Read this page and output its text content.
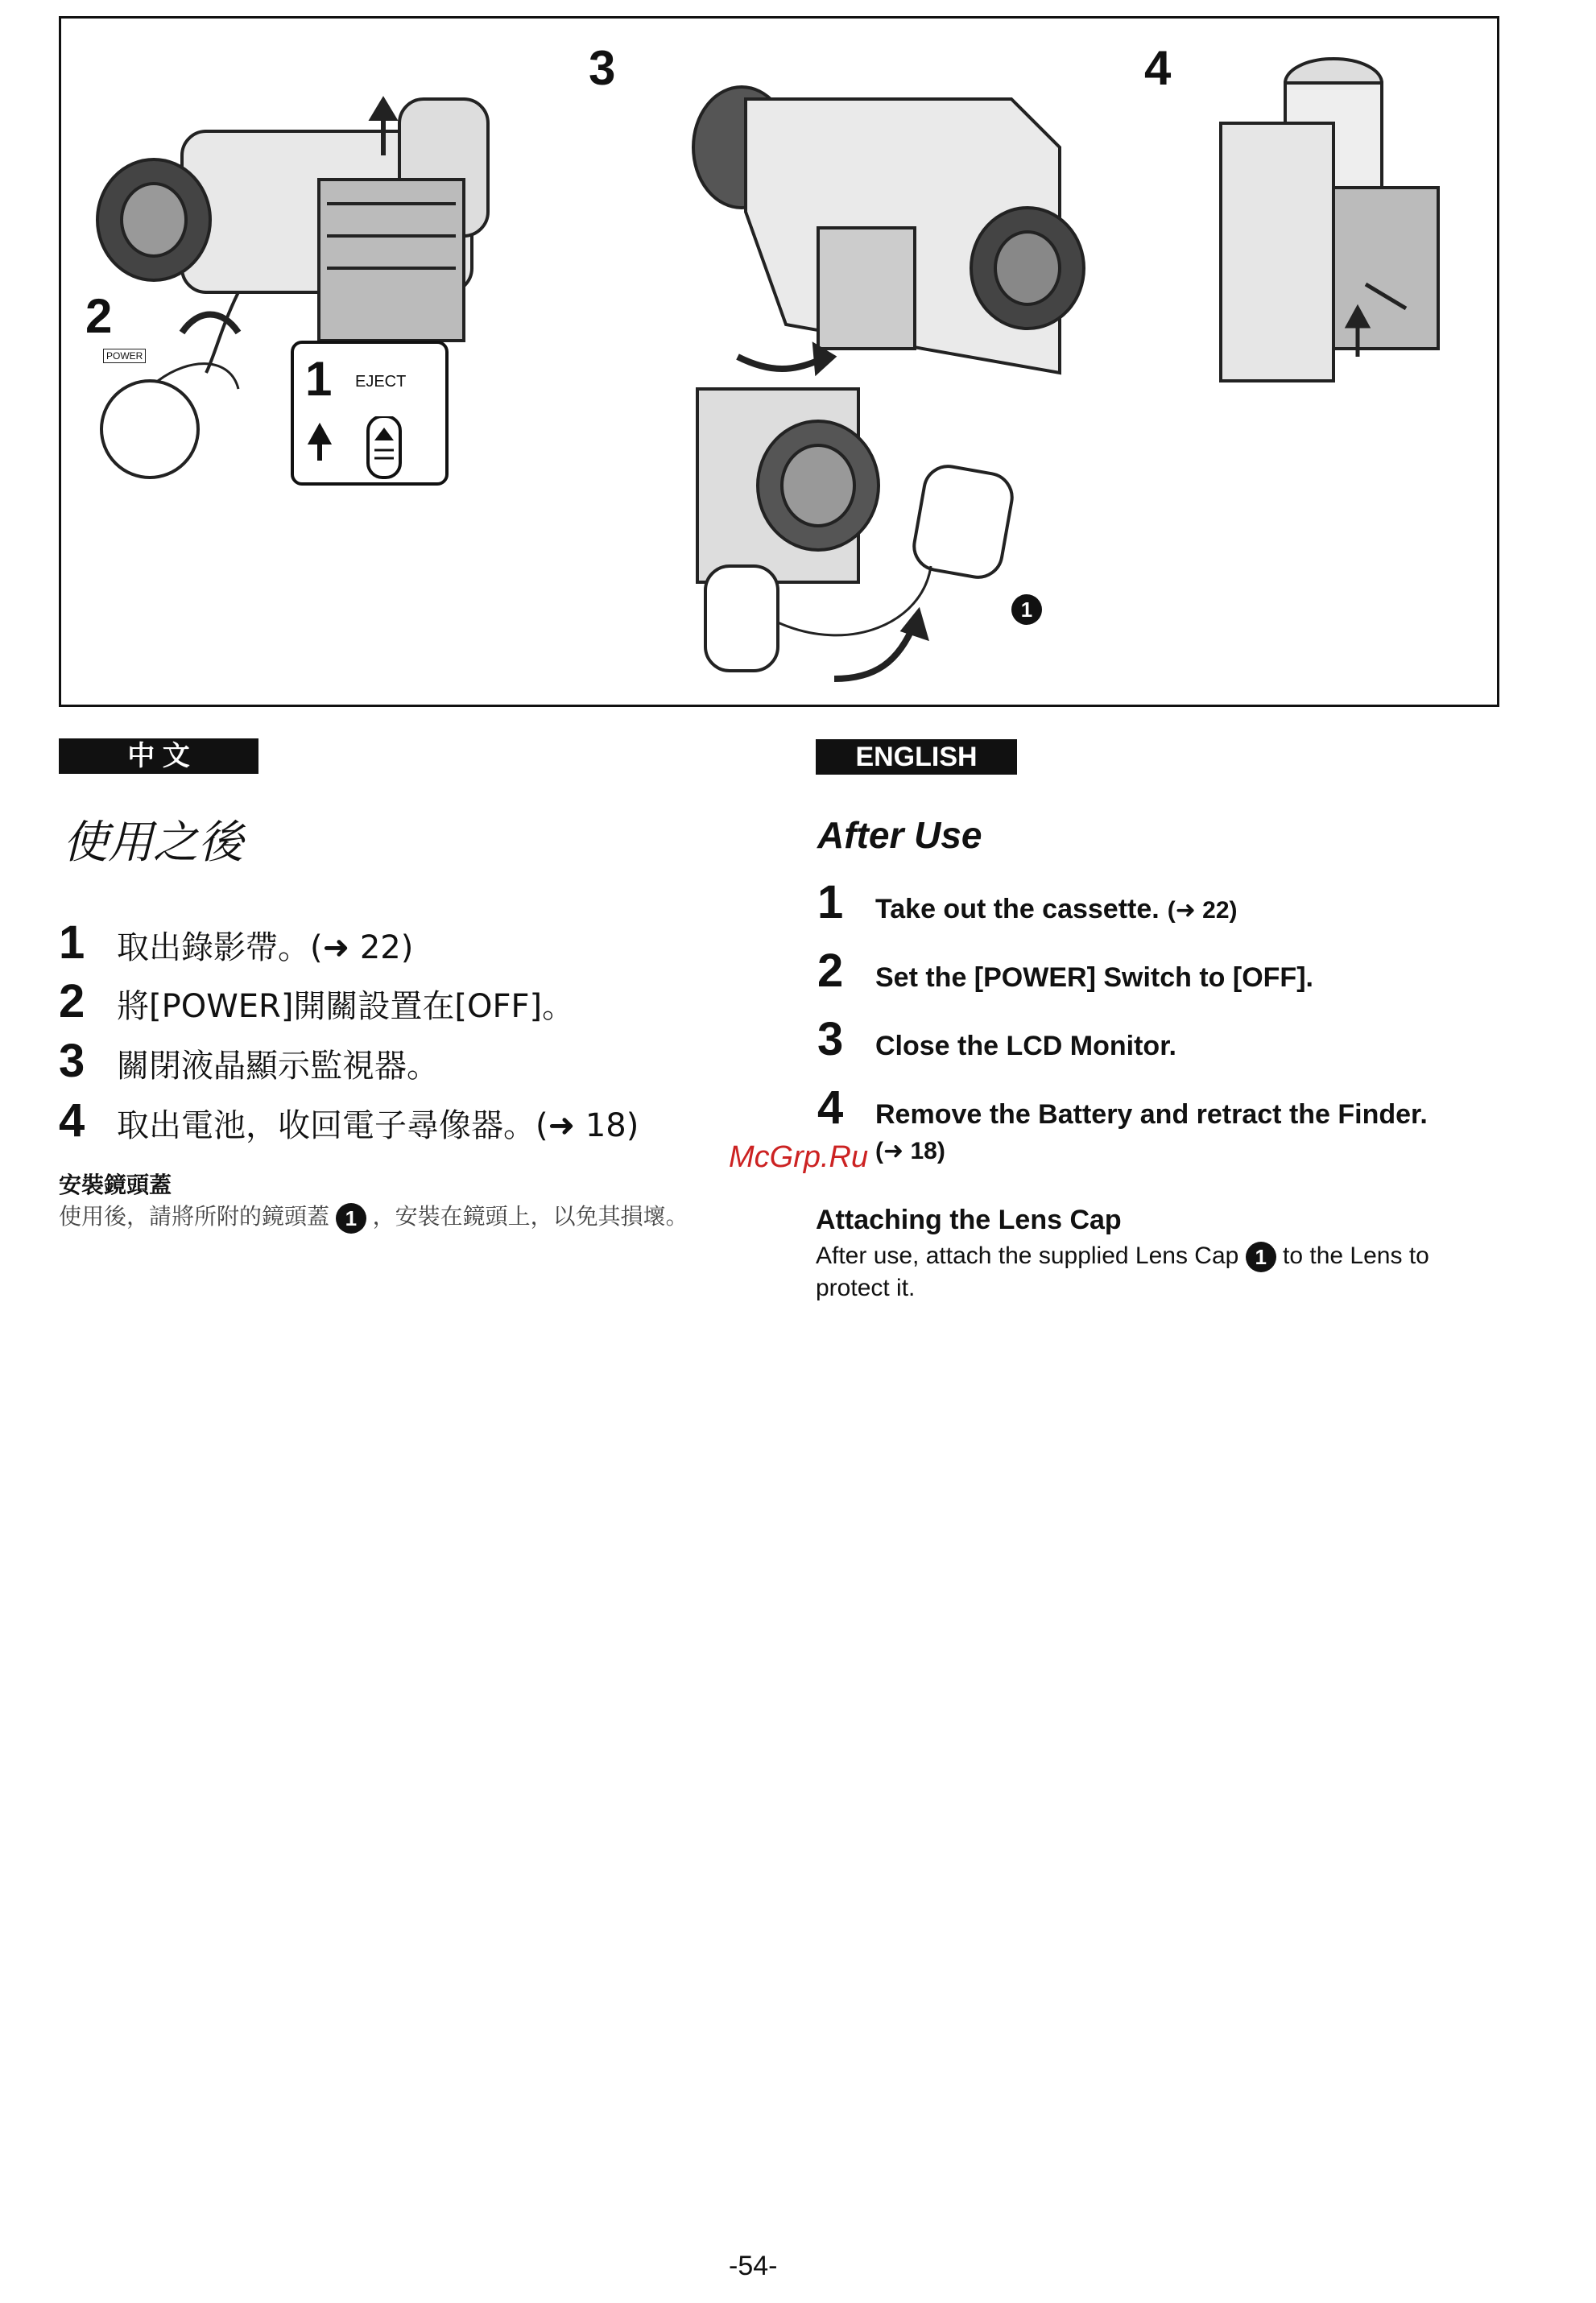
2
POWER	1 EJECT
3
1
4
中 文
使用之後
1 取出錄影帶。(➜ 22)
2 將[POWER]開關設置在[OFF]。
3 關閉液晶顯示監視器。
4 取出電池，收回電子尋像器。(➜ 18)
安裝鏡頭蓋
使用後，請將所附的鏡頭蓋 1 ，安裝在鏡頭上，以免其損壞。
ENGLISH
After Use
1	Take out the cassette. (➜ 22)
2	Set the [POWER] Switch to [OFF].
3	Close the LCD Monitor.
4	Remove the Battery and retract the Finder.
(➜ 18)
McGrp.Ru
Attaching the Lens Cap
After use, attach the supplied Lens Cap 1 to the Lens to protect it.
-54-
